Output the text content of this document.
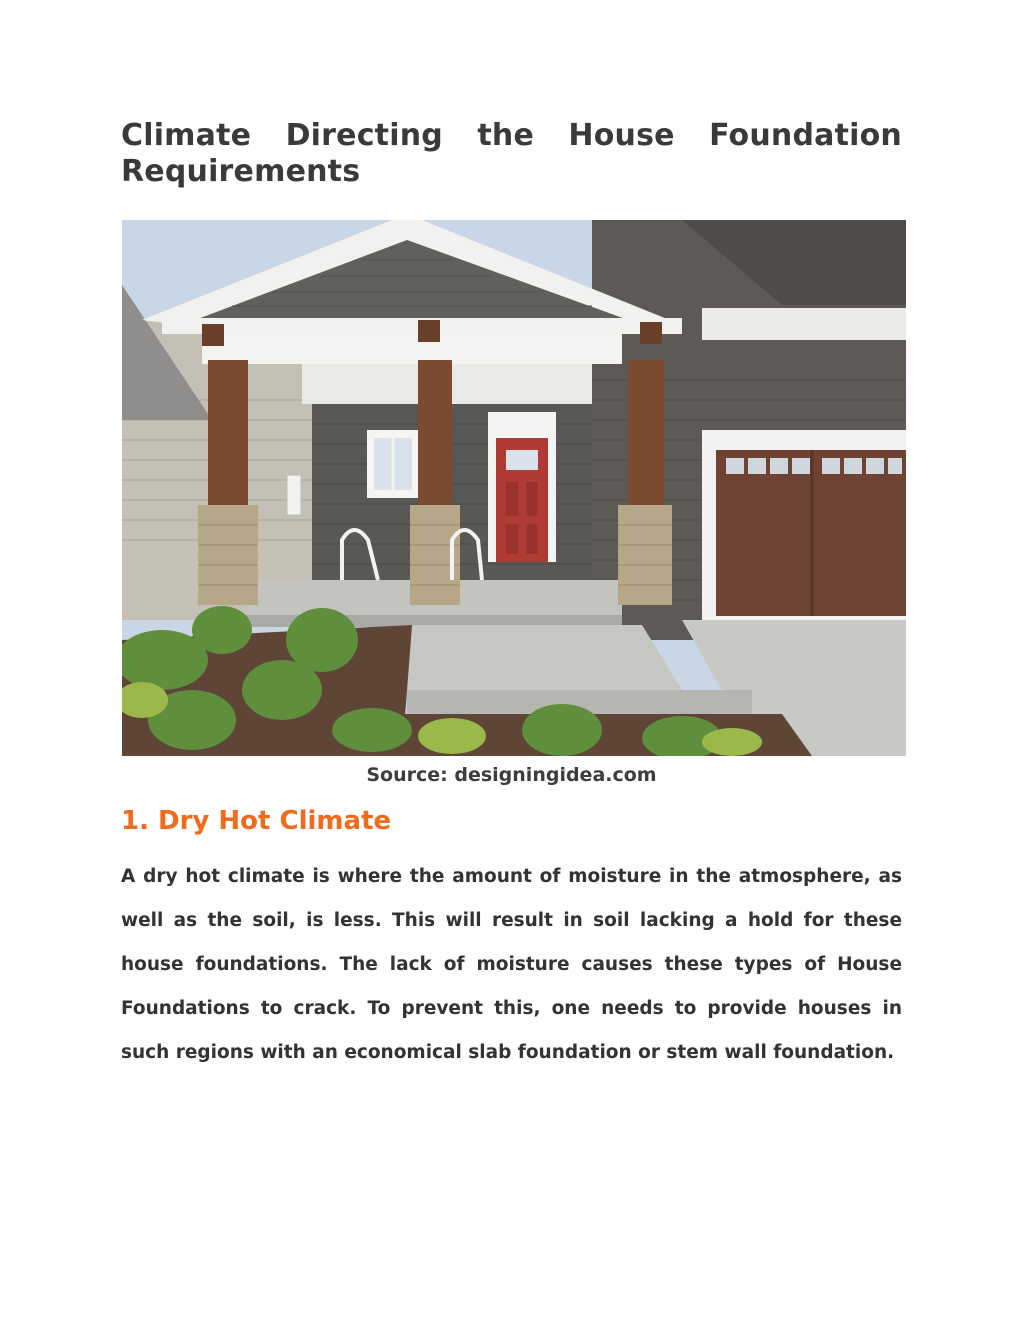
Climate Directing the House Foundation Requirements

Source: designingidea.com

1. Dry Hot Climate

A dry hot climate is where the amount of moisture in the atmosphere, as well as the soil, is less. This will result in soil lacking a hold for these house foundations. The lack of moisture causes these types of House Foundations to crack. To prevent this, one needs to provide houses in such regions with an economical slab foundation or stem wall foundation.
